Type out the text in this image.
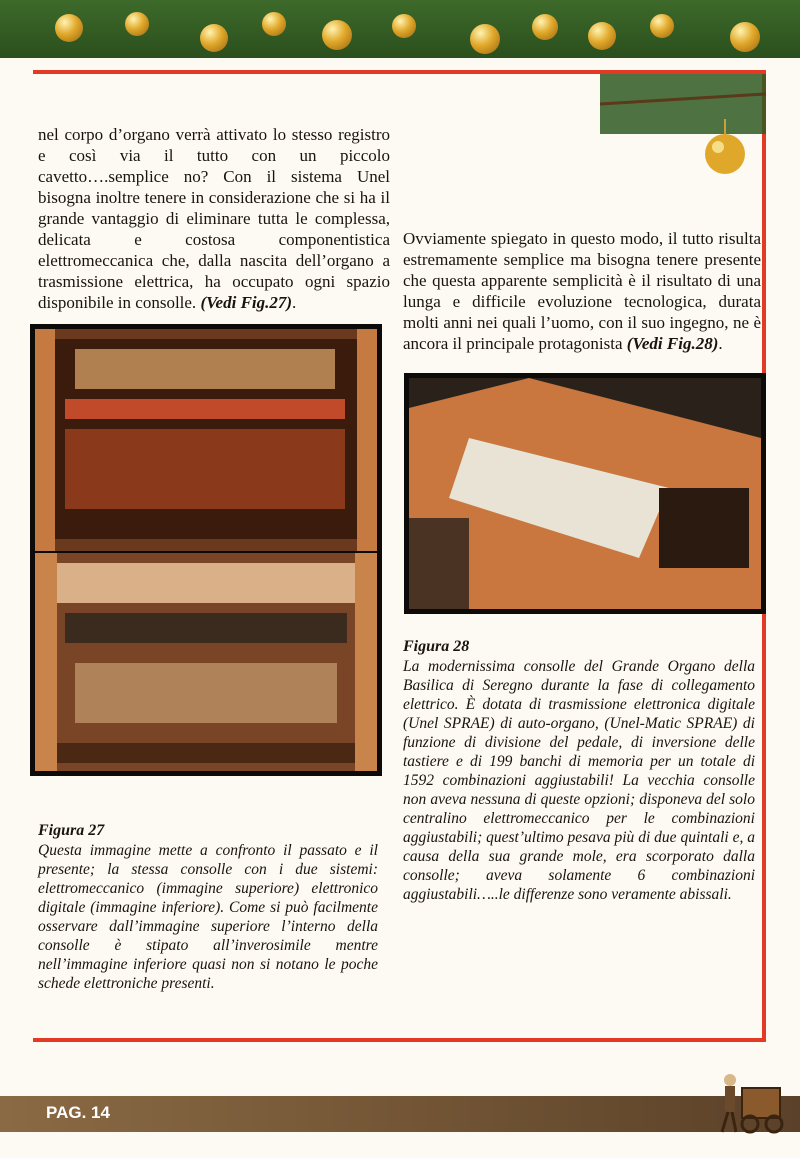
nel corpo d’organo verrà attivato lo stesso registro e così via il tutto con un piccolo cavetto….semplice no? Con il sistema Unel bisogna inoltre tenere in considerazione che si ha il grande vantaggio di eliminare tutta le complessa, delicata e costosa componentistica elettromeccanica che, dalla nascita dell’organo a trasmissione elettrica, ha occupato ogni spazio disponibile in consolle. (Vedi Fig.27).

Ovviamente spiegato in questo modo, il tutto risulta estremamente semplice ma bisogna tenere presente che questa apparente semplicità è il risultato di una lunga e difficile evoluzione tecnologica, durata molti anni nei quali l’uomo, con il suo ingegno, ne è ancora il principale protagonista (Vedi Fig.28).

Figura 27
Questa immagine mette a confronto il passato e il presente; la stessa consolle con i due sistemi: elettromeccanico (immagine superiore) elettronico digitale (immagine inferiore). Come si può facilmente osservare dall’immagine superiore l’interno della consolle è stipato all’inverosimile mentre nell’immagine inferiore quasi non si notano le poche schede elettroniche presenti.
Figura 28
La modernissima consolle del Grande Organo della Basilica di Seregno durante la fase di collegamento elettrico. È dotata di trasmissione elettronica digitale (Unel SPRAE) di auto-organo, (Unel-Matic SPRAE) di funzione di divisione del pedale, di inversione delle tastiere e di 199 banchi di memoria per un totale di 1592 combinazioni aggiustabili! La vecchia consolle non aveva nessuna di queste opzioni; disponeva del solo centralino elettromeccanico per le combinazioni aggiustabili; quest’ultimo pesava più di due quintali e, a causa della sua grande mole, era scorporato dalla consolle; aveva solamente 6 combinazioni aggiustabili…..le differenze sono veramente abissali.
PAG. 14
